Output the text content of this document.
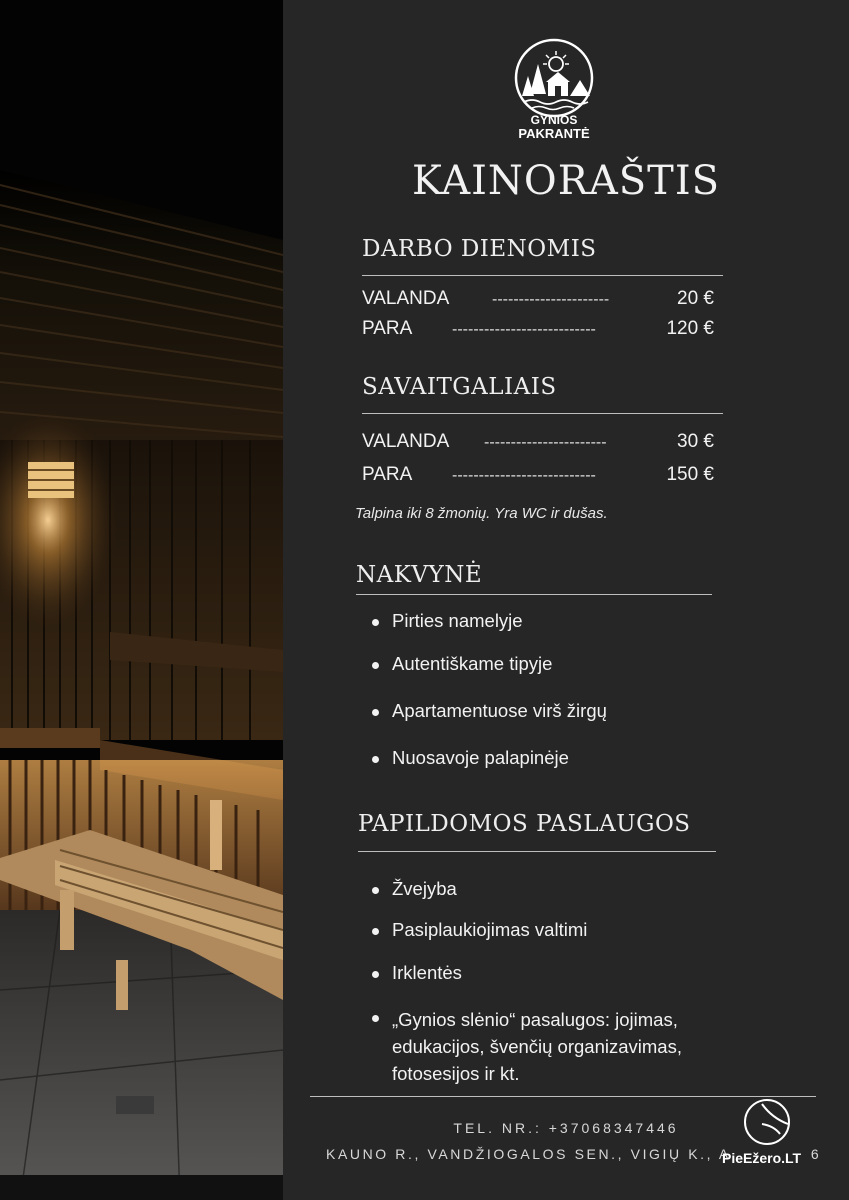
GYNIOS
PAKRANTĖ
KAINORAŠTIS
DARBO DIENOMIS
VALANDA	----------------------	20 €
PARA ---------------------------	120 €
SAVAITGALIAIS
VALANDA -----------------------	30 €
PARA ---------------------------	150 €
Talpina iki 8 žmonių. Yra WC ir dušas.
NAKVYNĖ
Pirties namelyje
Autentiškame tipyje
Apartamentuose virš žirgų
Nuosavoje palapinėje
PAPILDOMOS PASLAUGOS
Žvejyba
Pasiplaukiojimas valtimi
Irklentės
„Gynios slėnio“ pasalugos: jojimas, edukacijos, švenčių organizavimas, fotosesijos ir kt.
TEL. NR.: +37068347446
KAUNO R., VANDŽIOGALOS SEN., VIGIŲ K., A	6
PieEžero.LT
